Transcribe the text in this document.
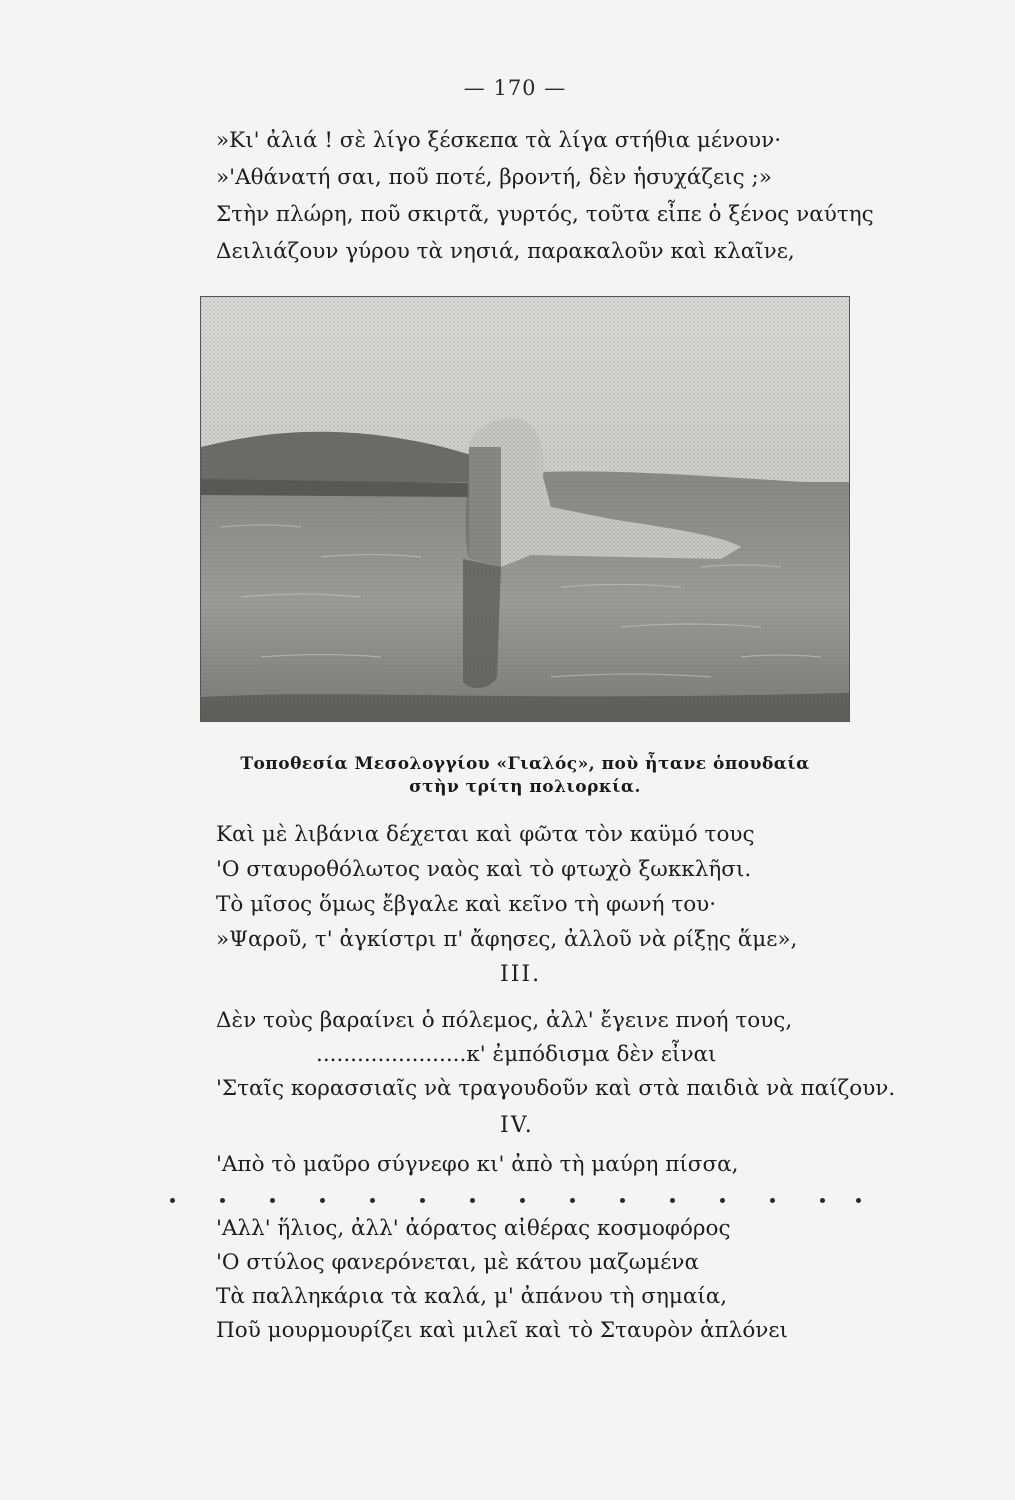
— 170 —
»Κι' ἀλιά ! σὲ λίγο ξέσκεπα τὰ λίγα στήθια μένουν·
»'Αθάνατή σαι, ποῦ ποτέ, βροντή, δὲν ἡσυχάζεις ;»
Στὴν πλώρη, ποῦ σκιρτᾶ, γυρτός, τοῦτα εἶπε ὁ ξένος ναύτης
Δειλιάζουν γύρου τὰ νησιά, παρακαλοῦν καὶ κλαῖνε,
Τοποθεσία Μεσολογγίου «Γιαλός», ποὺ ἦτανε ὁπουδαία
στὴν τρίτη πολιορκία.
Καὶ μὲ λιβάνια δέχεται καὶ φῶτα τὸν καϋμό τους
'Ο σταυροθόλωτος ναὸς καὶ τὸ φτωχὸ ξωκκλῆσι.
Τὸ μῖσος ὅμως ἔβγαλε καὶ κεῖνο τὴ φωνή του·
»Ψαροῦ, τ' ἀγκίστρι π' ἄφησες, ἀλλοῦ νὰ ρίξῃς ἅμε»,
III.
Δὲν τοὺς βαραίνει ὁ πόλεμος, ἀλλ' ἔγεινε πνοή τους,
......................κ' ἐμπόδισμα δὲν εἶναι
'Σταῖς κορασσιαῖς νὰ τραγουδοῦν καὶ στὰ παιδιὰ νὰ παίζουν.
IV.
'Απὸ τὸ μαῦρο σύγνεφο κι' ἀπὸ τὴ μαύρη πίσσα,
'Αλλ' ἥλιος, ἀλλ' ἀόρατος αἰθέρας κοσμοφόρος
'Ο στύλος φανερόνεται, μὲ κάτου μαζωμένα
Τὰ παλληκάρια τὰ καλά, μ' ἀπάνου τὴ σημαία,
Ποῦ μουρμουρίζει καὶ μιλεῖ καὶ τὸ Σταυρὸν ἁπλόνει
